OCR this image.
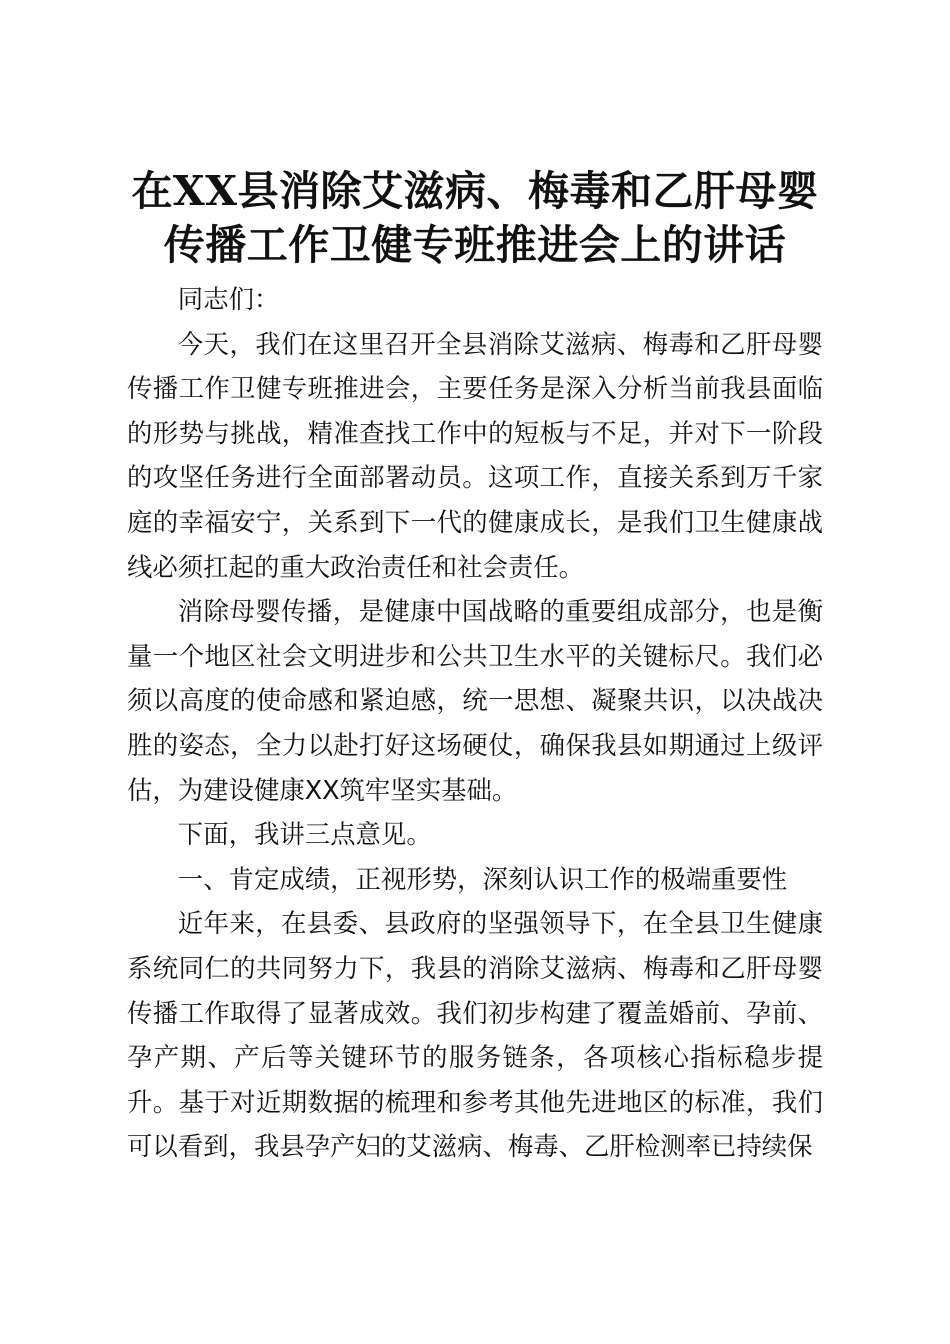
在XX县消除艾滋病、梅毒和乙肝母婴
传播工作卫健专班推进会上的讲话

同志们：

今天，我们在这里召开全县消除艾滋病、梅毒和乙肝母婴传播工作卫健专班推进会，主要任务是深入分析当前我县面临的形势与挑战，精准查找工作中的短板与不足，并对下一阶段的攻坚任务进行全面部署动员。这项工作，直接关系到万千家庭的幸福安宁，关系到下一代的健康成长，是我们卫生健康战线必须扛起的重大政治责任和社会责任。

消除母婴传播，是健康中国战略的重要组成部分，也是衡量一个地区社会文明进步和公共卫生水平的关键标尺。我们必须以高度的使命感和紧迫感，统一思想、凝聚共识，以决战决胜的姿态，全力以赴打好这场硬仗，确保我县如期通过上级评估，为建设健康XX筑牢坚实基础。

下面，我讲三点意见。

一、肯定成绩，正视形势，深刻认识工作的极端重要性

近年来，在县委、县政府的坚强领导下，在全县卫生健康系统同仁的共同努力下，我县的消除艾滋病、梅毒和乙肝母婴传播工作取得了显著成效。我们初步构建了覆盖婚前、孕前、孕产期、产后等关键环节的服务链条，各项核心指标稳步提升。基于对近期数据的梳理和参考其他先进地区的标准，我们可以看到，我县孕产妇的艾滋病、梅毒、乙肝检测率已持续保
